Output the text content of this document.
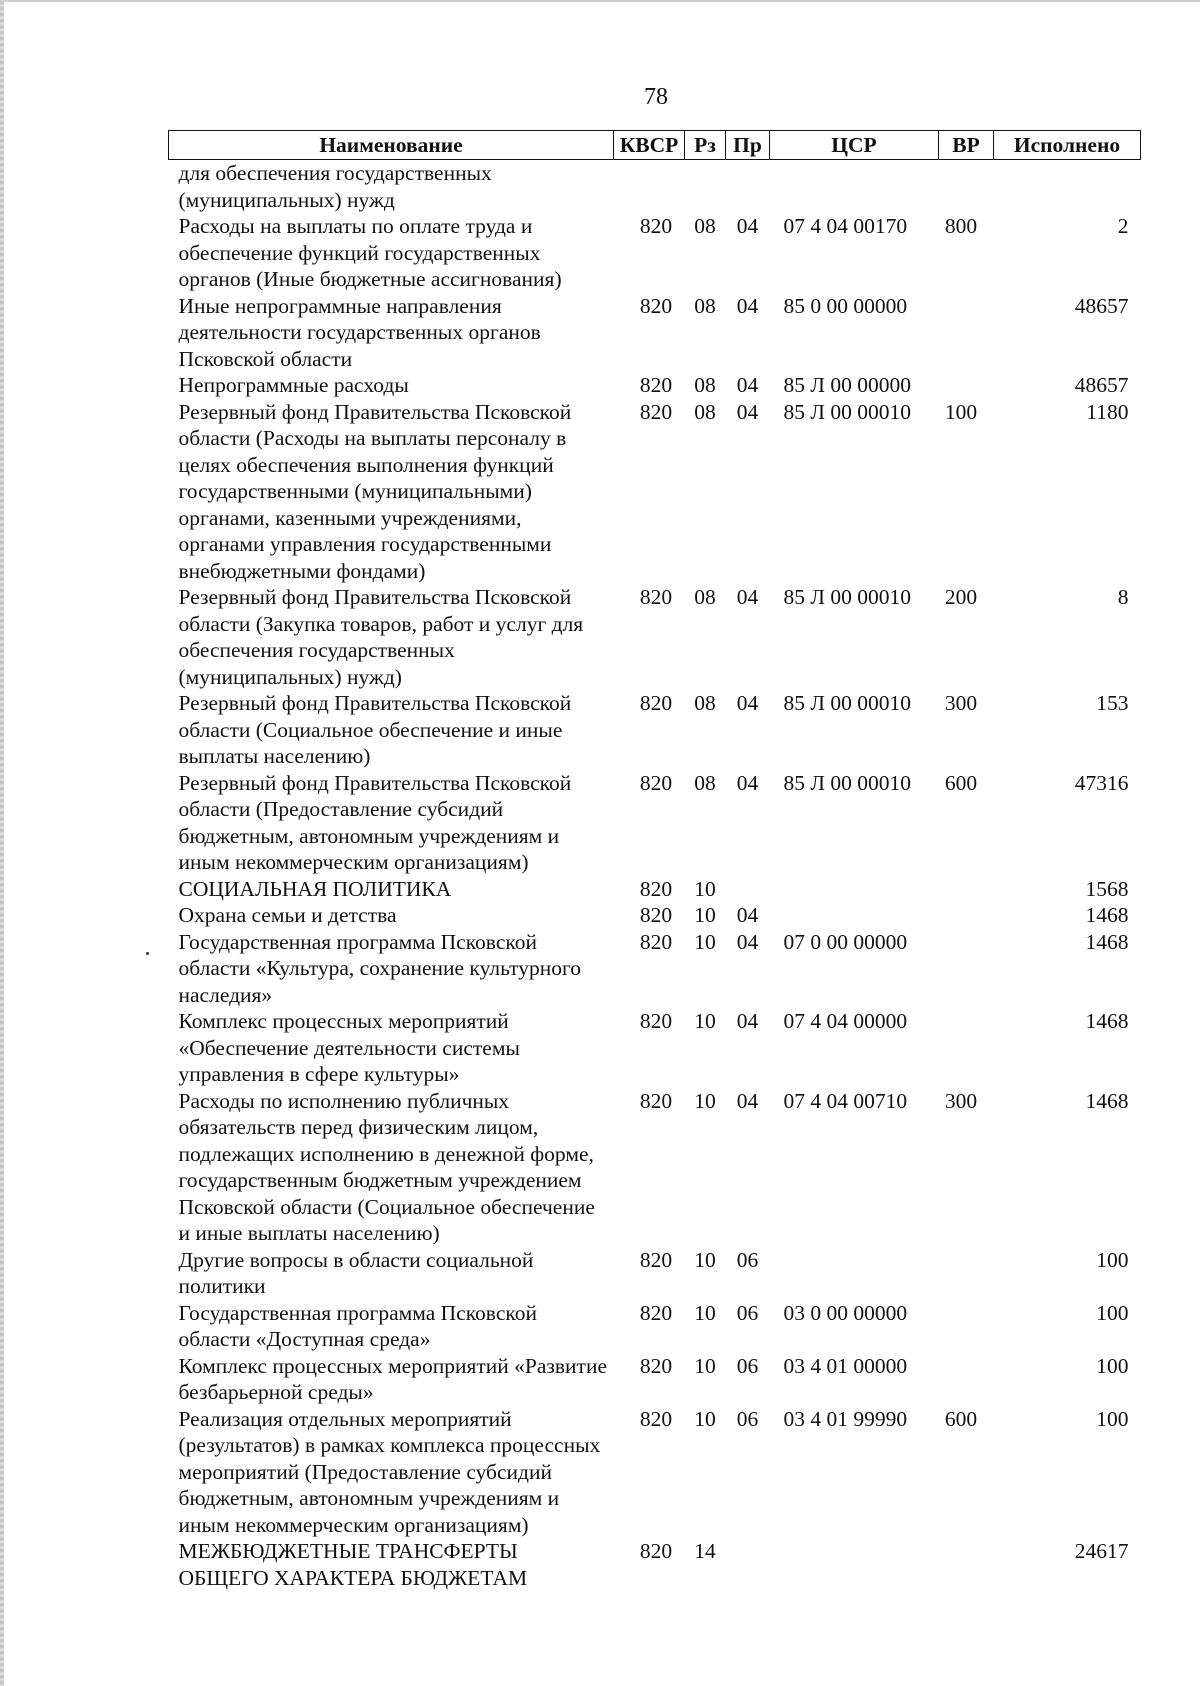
78
Наименование	КВСР	Рз	Пр	ЦСР	ВР	Исполнено
для обеспечения государственных (муниципальных) нужд						
Расходы на выплаты по оплате труда и обеспечение функций государственных органов (Иные бюджетные ассигнования)	820	08	04	07 4 04 00170	800	2
Иные непрограммные направления деятельности государственных органов Псковской области	820	08	04	85 0 00 00000		48657
Непрограммные расходы	820	08	04	85 Л 00 00000		48657
Резервный фонд Правительства Псковской области (Расходы на выплаты персоналу в целях обеспечения выполнения функций государственными (муниципальными) органами, казенными учреждениями, органами управления государственными внебюджетными фондами)	820	08	04	85 Л 00 00010	100	1180
Резервный фонд Правительства Псковской области (Закупка товаров, работ и услуг для обеспечения государственных (муниципальных) нужд)	820	08	04	85 Л 00 00010	200	8
Резервный фонд Правительства Псковской области (Социальное обеспечение и иные выплаты населению)	820	08	04	85 Л 00 00010	300	153
Резервный фонд Правительства Псковской области (Предоставление субсидий бюджетным, автономным учреждениям и иным некоммерческим организациям)	820	08	04	85 Л 00 00010	600	47316
СОЦИАЛЬНАЯ ПОЛИТИКА	820	10				1568
Охрана семьи и детства	820	10	04			1468
Государственная программа Псковской области «Культура, сохранение культурного наследия»	820	10	04	07 0 00 00000		1468
Комплекс процессных мероприятий «Обеспечение деятельности системы управления в сфере культуры»	820	10	04	07 4 04 00000		1468
Расходы по исполнению публичных обязательств перед физическим лицом, подлежащих исполнению в денежной форме, государственным бюджетным учреждением Псковской области (Социальное обеспечение и иные выплаты населению)	820	10	04	07 4 04 00710	300	1468
Другие вопросы в области социальной политики	820	10	06			100
Государственная программа Псковской области «Доступная среда»	820	10	06	03 0 00 00000		100
Комплекс процессных мероприятий «Развитие безбарьерной среды»	820	10	06	03 4 01 00000		100
Реализация отдельных мероприятий (результатов) в рамках комплекса процессных мероприятий (Предоставление субсидий бюджетным, автономным учреждениям и иным некоммерческим организациям)	820	10	06	03 4 01 99990	600	100
МЕЖБЮДЖЕТНЫЕ ТРАНСФЕРТЫ ОБЩЕГО ХАРАКТЕРА БЮДЖЕТАМ	820	14				24617
